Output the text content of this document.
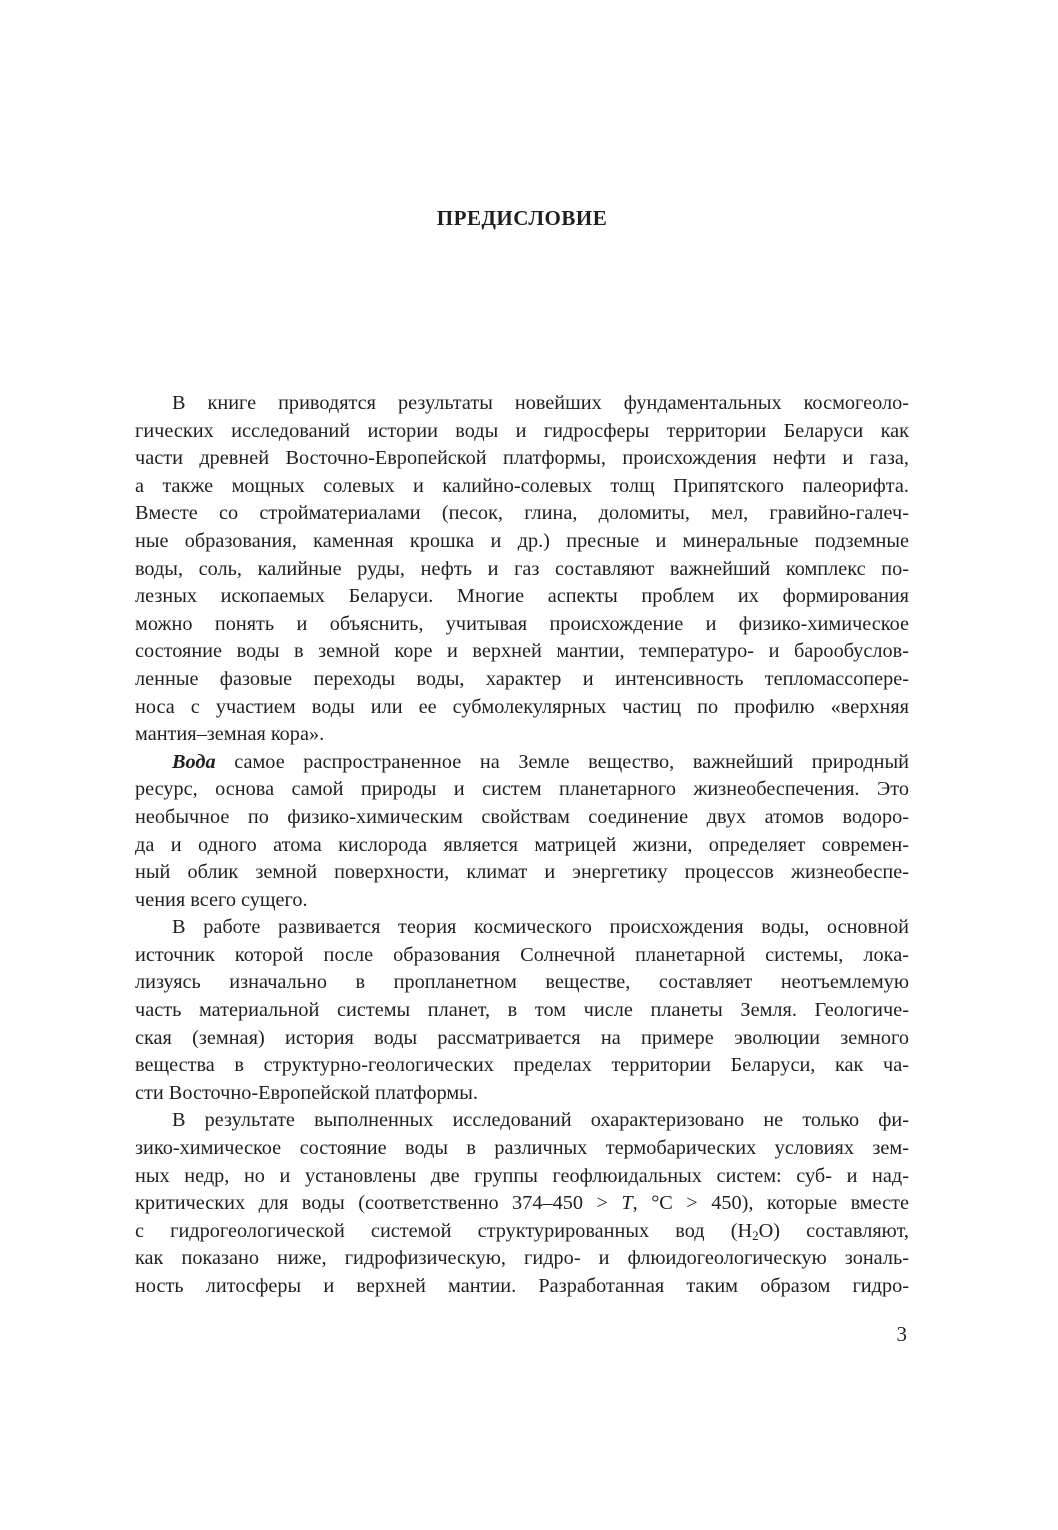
ПРЕДИСЛОВИЕ
В книге приводятся результаты новейших фундаментальных космогеоло-
гических исследований истории воды и гидросферы территории Беларуси как
части древней Восточно-Европейской платформы, происхождения нефти и газа,
а также мощных солевых и калийно-солевых толщ Припятского палеорифта.
Вместе со стройматериалами (песок, глина, доломиты, мел, гравийно-галеч-
ные образования, каменная крошка и др.) пресные и минеральные подземные
воды, соль, калийные руды, нефть и газ составляют важнейший комплекс по-
лезных ископаемых Беларуси. Многие аспекты проблем их формирования
можно понять и объяснить, учитывая происхождение и физико-химическое
состояние воды в земной коре и верхней мантии, температуро- и барообуслов-
ленные фазовые переходы воды, характер и интенсивность тепломассоперe-
носа с участием воды или ее субмолекулярных частиц по профилю «верхняя
мантия–земная кора».
Вода самое распространенное на Земле вещество, важнейший природный
ресурс, основа самой природы и систем планетарного жизнеобеспечения. Это
необычное по физико-химическим свойствам соединение двух атомов водоро-
да и одного атома кислорода является матрицей жизни, определяет современ-
ный облик земной поверхности, климат и энергетику процессов жизнеобеспе-
чения всего сущего.
В работе развивается теория космического происхождения воды, основной
источник которой после образования Солнечной планетарной системы, лока-
лизуясь изначально в пропланетном веществе, составляет неотъемлемую
часть материальной системы планет, в том числе планеты Земля. Геологиче-
ская (земная) история воды рассматривается на примере эволюции земного
вещества в структурно-геологических пределах территории Беларуси, как ча-
сти Восточно-Европейской платформы.
В результате выполненных исследований охарактеризовано не только фи-
зико-химическое состояние воды в различных термобарических условиях зем-
ных недр, но и установлены две группы геофлюидальных систем: суб- и над-
критических для воды (соответственно 374–450 > T, °С > 450), которые вместе
с гидрогеологической системой структурированных вод $(H_2O)$ составляют,
как показано ниже, гидрофизическую, гидро- и флюидогеологическую зональ-
ность литосферы и верхней мантии. Разработанная таким образом гидро-
3
